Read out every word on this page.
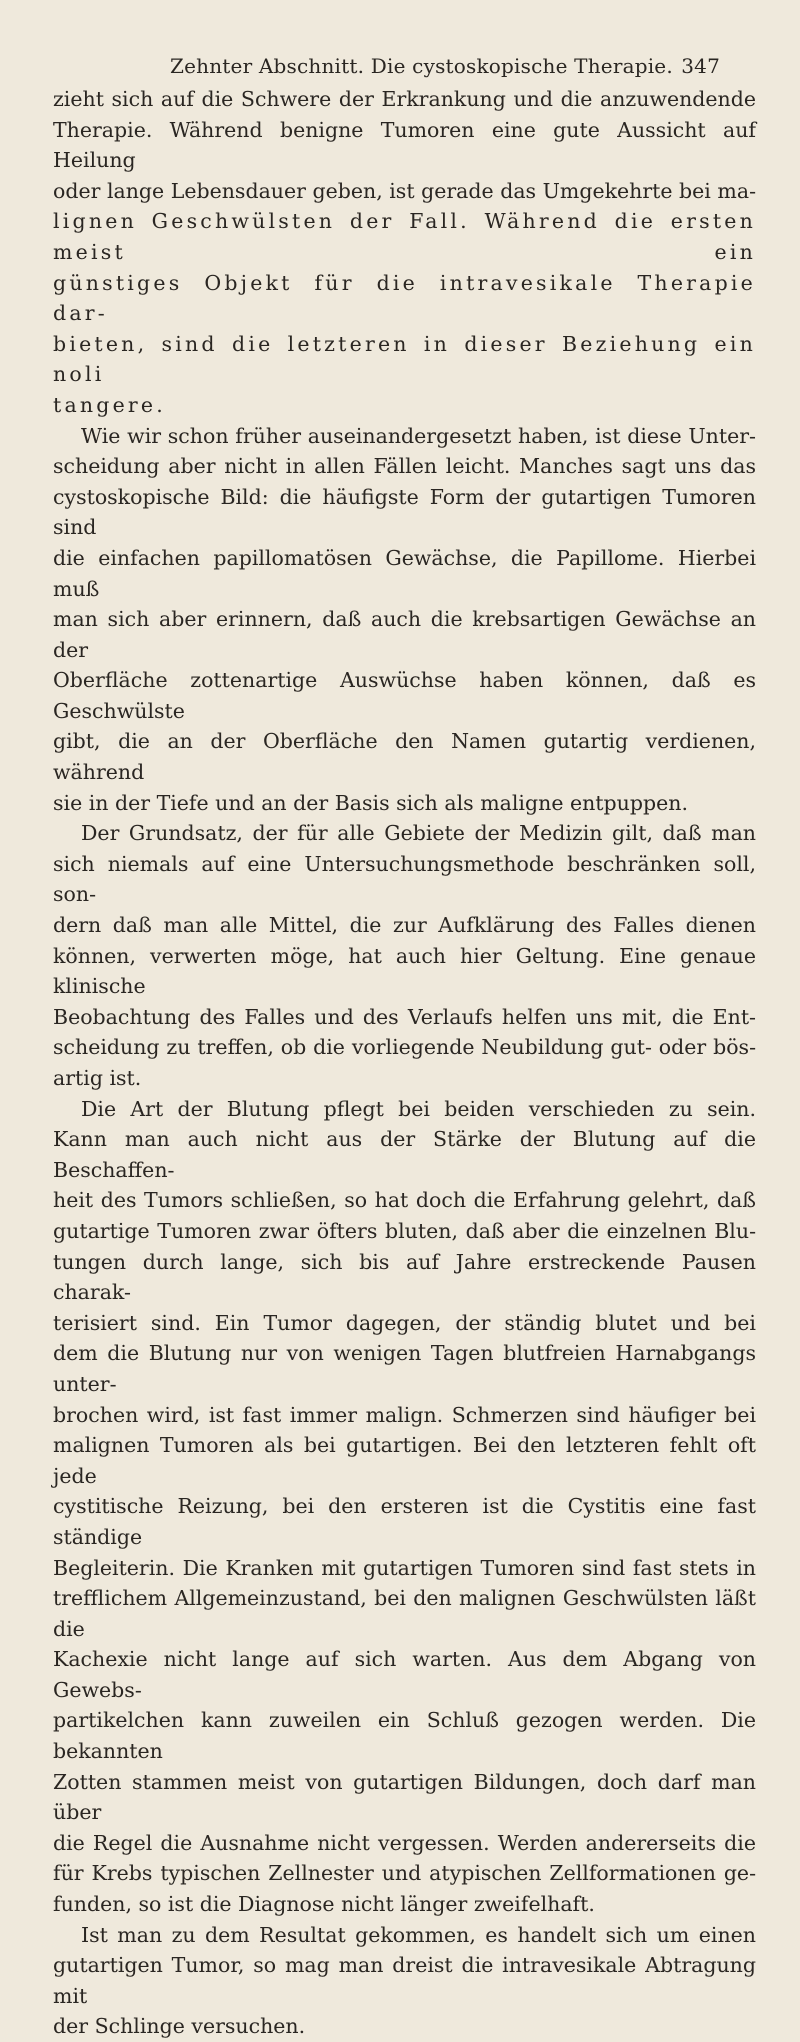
Zehnter Abschnitt. Die cystoskopische Therapie. 347
zieht sich auf die Schwere der Erkrankung und die anzuwendende
Therapie. Während benigne Tumoren eine gute Aussicht auf Heilung
oder lange Lebensdauer geben, ist gerade das Umgekehrte bei ma-
lignen Geschwülsten der Fall. Während die ersten meist ein
günstiges Objekt für die intravesikale Therapie dar-
bieten, sind die letzteren in dieser Beziehung ein noli
tangere.
Wie wir schon früher auseinandergesetzt haben, ist diese Unter-
scheidung aber nicht in allen Fällen leicht. Manches sagt uns das
cystoskopische Bild: die häufigste Form der gutartigen Tumoren sind
die einfachen papillomatösen Gewächse, die Papillome. Hierbei muß
man sich aber erinnern, daß auch die krebsartigen Gewächse an der
Oberfläche zottenartige Auswüchse haben können, daß es Geschwülste
gibt, die an der Oberfläche den Namen gutartig verdienen, während
sie in der Tiefe und an der Basis sich als maligne entpuppen.
Der Grundsatz, der für alle Gebiete der Medizin gilt, daß man
sich niemals auf eine Untersuchungsmethode beschränken soll, son-
dern daß man alle Mittel, die zur Aufklärung des Falles dienen
können, verwerten möge, hat auch hier Geltung. Eine genaue klinische
Beobachtung des Falles und des Verlaufs helfen uns mit, die Ent-
scheidung zu treffen, ob die vorliegende Neubildung gut- oder bös-
artig ist.
Die Art der Blutung pflegt bei beiden verschieden zu sein.
Kann man auch nicht aus der Stärke der Blutung auf die Beschaffen-
heit des Tumors schließen, so hat doch die Erfahrung gelehrt, daß
gutartige Tumoren zwar öfters bluten, daß aber die einzelnen Blu-
tungen durch lange, sich bis auf Jahre erstreckende Pausen charak-
terisiert sind. Ein Tumor dagegen, der ständig blutet und bei
dem die Blutung nur von wenigen Tagen blutfreien Harnabgangs unter-
brochen wird, ist fast immer malign. Schmerzen sind häufiger bei
malignen Tumoren als bei gutartigen. Bei den letzteren fehlt oft jede
cystitische Reizung, bei den ersteren ist die Cystitis eine fast ständige
Begleiterin. Die Kranken mit gutartigen Tumoren sind fast stets in
trefflichem Allgemeinzustand, bei den malignen Geschwülsten läßt die
Kachexie nicht lange auf sich warten. Aus dem Abgang von Gewebs-
partikelchen kann zuweilen ein Schluß gezogen werden. Die bekannten
Zotten stammen meist von gutartigen Bildungen, doch darf man über
die Regel die Ausnahme nicht vergessen. Werden andererseits die
für Krebs typischen Zellnester und atypischen Zellformationen ge-
funden, so ist die Diagnose nicht länger zweifelhaft.
Ist man zu dem Resultat gekommen, es handelt sich um einen
gutartigen Tumor, so mag man dreist die intravesikale Abtragung mit
der Schlinge versuchen.
